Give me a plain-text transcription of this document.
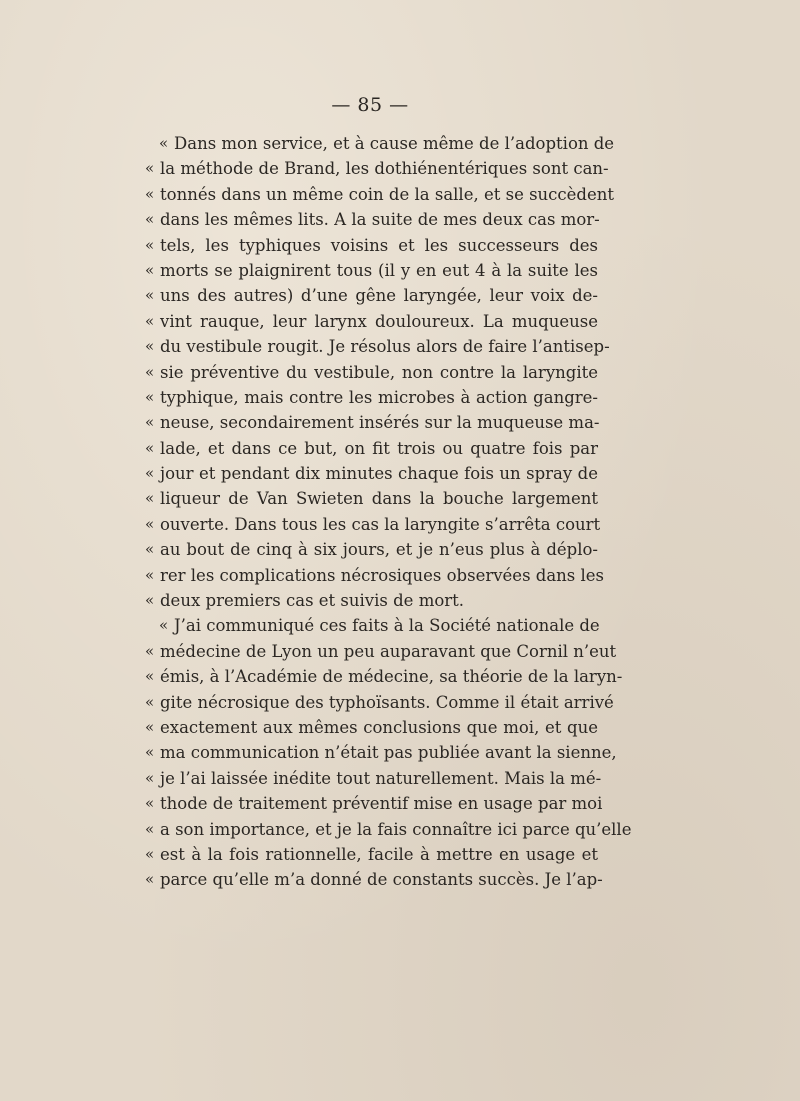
— 85 —
« Dans mon service, et à cause même de l’adoption de
« la méthode de Brand, les dothiénentériques sont can-
« tonnés dans un même coin de la salle, et se succèdent
« dans les mêmes lits. A la suite de mes deux cas mor-
« tels, les typhiques voisins et les successeurs des
« morts se plaignirent tous (il y en eut 4 à la suite les
« uns des autres) d’une gêne laryngée, leur voix de-
« vint rauque, leur larynx douloureux. La muqueuse
« du vestibule rougit. Je résolus alors de faire l’antisep-
« sie préventive du vestibule, non contre la laryngite
« typhique, mais contre les microbes à action gangre-
« neuse, secondairement insérés sur la muqueuse ma-
« lade, et dans ce but, on fit trois ou quatre fois par
« jour et pendant dix minutes chaque fois un spray de
« liqueur de Van Swieten dans la bouche largement
« ouverte. Dans tous les cas la laryngite s’arrêta court
« au bout de cinq à six jours, et je n’eus plus à déplo-
« rer les complications nécrosiques observées dans les
« deux premiers cas et suivis de mort.
« J’ai communiqué ces faits à la Société nationale de
« médecine de Lyon un peu auparavant que Cornil n’eut
« émis, à l’Académie de médecine, sa théorie de la laryn-
« gite nécrosique des typhoïsants. Comme il était arrivé
« exactement aux mêmes conclusions que moi, et que
« ma communication n’était pas publiée avant la sienne,
« je l’ai laissée inédite tout naturellement. Mais la mé-
« thode de traitement préventif mise en usage par moi
« a son importance, et je la fais connaître ici parce qu’elle
« est à la fois rationnelle, facile à mettre en usage et
« parce qu’elle m’a donné de constants succès. Je l’ap-
